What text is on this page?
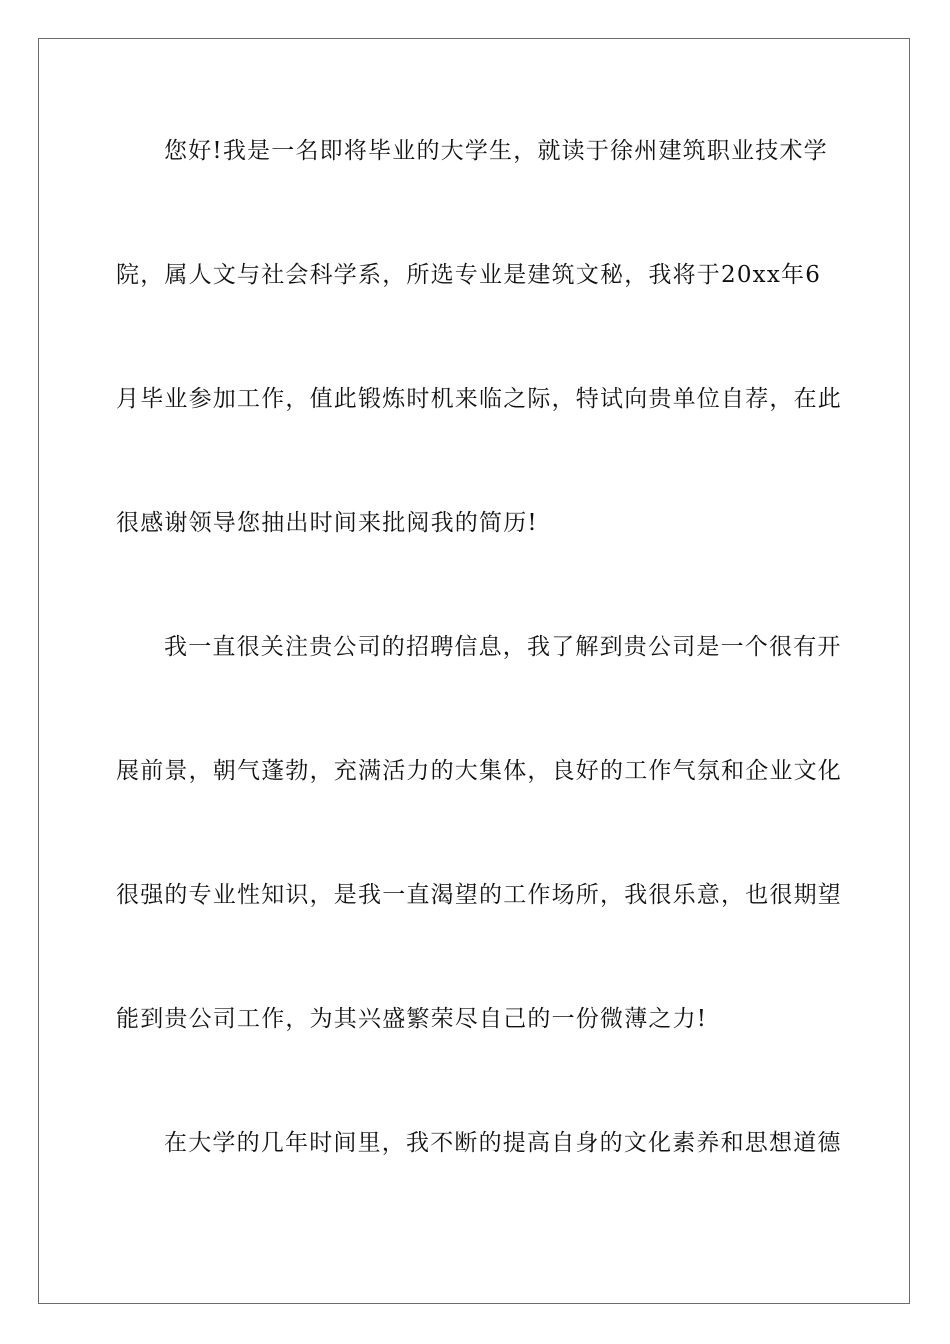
您好!我是一名即将毕业的大学生，就读于徐州建筑职业技术学
院，属人文与社会科学系，所选专业是建筑文秘，我将于20xx年6
月毕业参加工作，值此锻炼时机来临之际，特试向贵单位自荐，在此
很感谢领导您抽出时间来批阅我的简历!
我一直很关注贵公司的招聘信息，我了解到贵公司是一个很有开
展前景，朝气蓬勃，充满活力的大集体，良好的工作气氛和企业文化
很强的专业性知识，是我一直渴望的工作场所，我很乐意，也很期望
能到贵公司工作，为其兴盛繁荣尽自己的一份微薄之力!
在大学的几年时间里，我不断的提高自身的文化素养和思想道德
